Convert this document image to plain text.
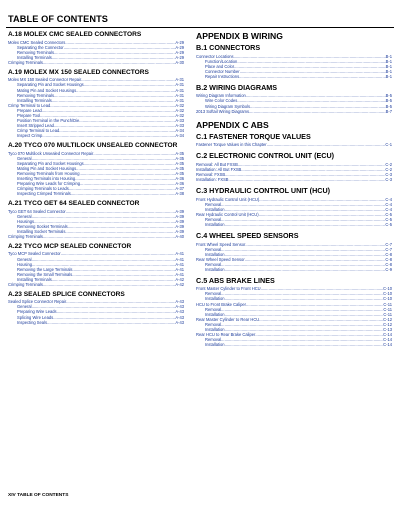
TABLE OF CONTENTS
A.18 MOLEX CMC SEALED CONNECTORS
Molex CMC Sealed Connectors .....	A-29
Separating the Connector .....	A-29
Removing Terminals .....	A-29
Installing Terminals .....	A-29
Crimping Terminals .....	A-30
A.19 MOLEX MX 150 SEALED CONNECTORS
Molex MX 150 Sealed Connector Repair .....	A-31
Separating Pin and Socket Housings .....	A-31
Mating Pin and Socket Housings .....	A-31
Removing Terminals .....	A-31
Installing Terminals .....	A-31
Crimp Terminal to Lead .....	A-32
Prepare Lead .....	A-32
Prepare Tool .....	A-32
Position Terminal in the Punch/Die .....	A-33
Insert Stripped Lead .....	A-33
Crimp Terminal to Lead .....	A-34
Inspect Crimp .....	A-34
A.20 TYCO 070 MULTILOCK UNSEALED CONNECTOR
Tyco 070 Multilock Unsealed Connector Repair .....	A-35
General .....	A-35
Separating Pin and Socket Housings .....	A-35
Mating Pin and Socket Housings .....	A-35
Removing Terminals from Housing .....	A-35
Inserting Terminals into Housing .....	A-36
Preparing Wire Leads for Crimping .....	A-36
Crimping Terminals to Leads .....	A-37
Inspecting Crimped Terminals .....	A-38
A.21 TYCO GET 64 SEALED CONNECTOR
Tyco GET 64 Sealed Connector .....	A-39
General .....	A-39
Housings .....	A-39
Removing Socket Terminals .....	A-39
Installing Socket Terminals .....	A-39
Crimping Terminals .....	A-40
A.22 TYCO MCP SEALED CONNECTOR
Tyco MCP Sealed Connector .....	A-41
General .....	A-41
Housing .....	A-41
Removing the Large Terminals .....	A-41
Removing the Small Terminals .....	A-41
Installing Terminals .....	A-42
Crimping Terminals .....	A-42
A.23 SEALED SPLICE CONNECTORS
Sealed Splice Connector Repair .....	A-43
General .....	A-43
Preparing Wire Leads .....	A-43
Splicing Wire Leads .....	A-43
Inspecting Seals .....	A-43
APPENDIX B WIRING
B.1 CONNECTORS
Connector Locations .....	B-1
Function/Location .....	B-1
Place and Color .....	B-1
Connector Number .....	B-1
Repair Instructions .....	B-1
B.2 WIRING DIAGRAMS
Wiring Diagram Information .....	B-5
Wire Color Codes .....	B-5
Wiring Diagram Symbols .....	B-5
2013 Softail Wiring Diagrams .....	B-7
APPENDIX C ABS
C.1 FASTENER TORQUE VALUES
Fastener Torque Values in this Chapter .....	C-1
C.2 ELECTRONIC CONTROL UNIT (ECU)
Removal: All But FXSB .....	C-2
Installation: All But FXSB .....	C-2
Removal: FXSB .....	C-3
Installation: FXSB .....	C-3
C.3 HYDRAULIC CONTROL UNIT (HCU)
Front Hydraulic Control Unit (HCU) .....	C-4
Removal .....	C-4
Installation .....	C-4
Rear Hydraulic Control Unit (HCU) .....	C-5
Removal .....	C-5
Installation .....	C-5
C.4 WHEEL SPEED SENSORS
Front Wheel Speed Sensor .....	C-7
Removal .....	C-7
Installation .....	C-8
Rear Wheel Speed Sensor .....	C-8
Removal .....	C-8
Installation .....	C-9
C.5 ABS BRAKE LINES
Front Master Cylinder to Front HCU .....	C-10
Removal .....	C-10
Installation .....	C-10
HCU to Front Brake Caliper .....	C-11
Removal .....	C-11
Installation .....	C-11
Rear Master Cylinder to Rear HCU .....	C-12
Removal .....	C-12
Installation .....	C-13
Rear HCU to Rear Brake Caliper .....	C-14
Removal .....	C-14
Installation .....	C-14
XIV TABLE OF CONTENTS
